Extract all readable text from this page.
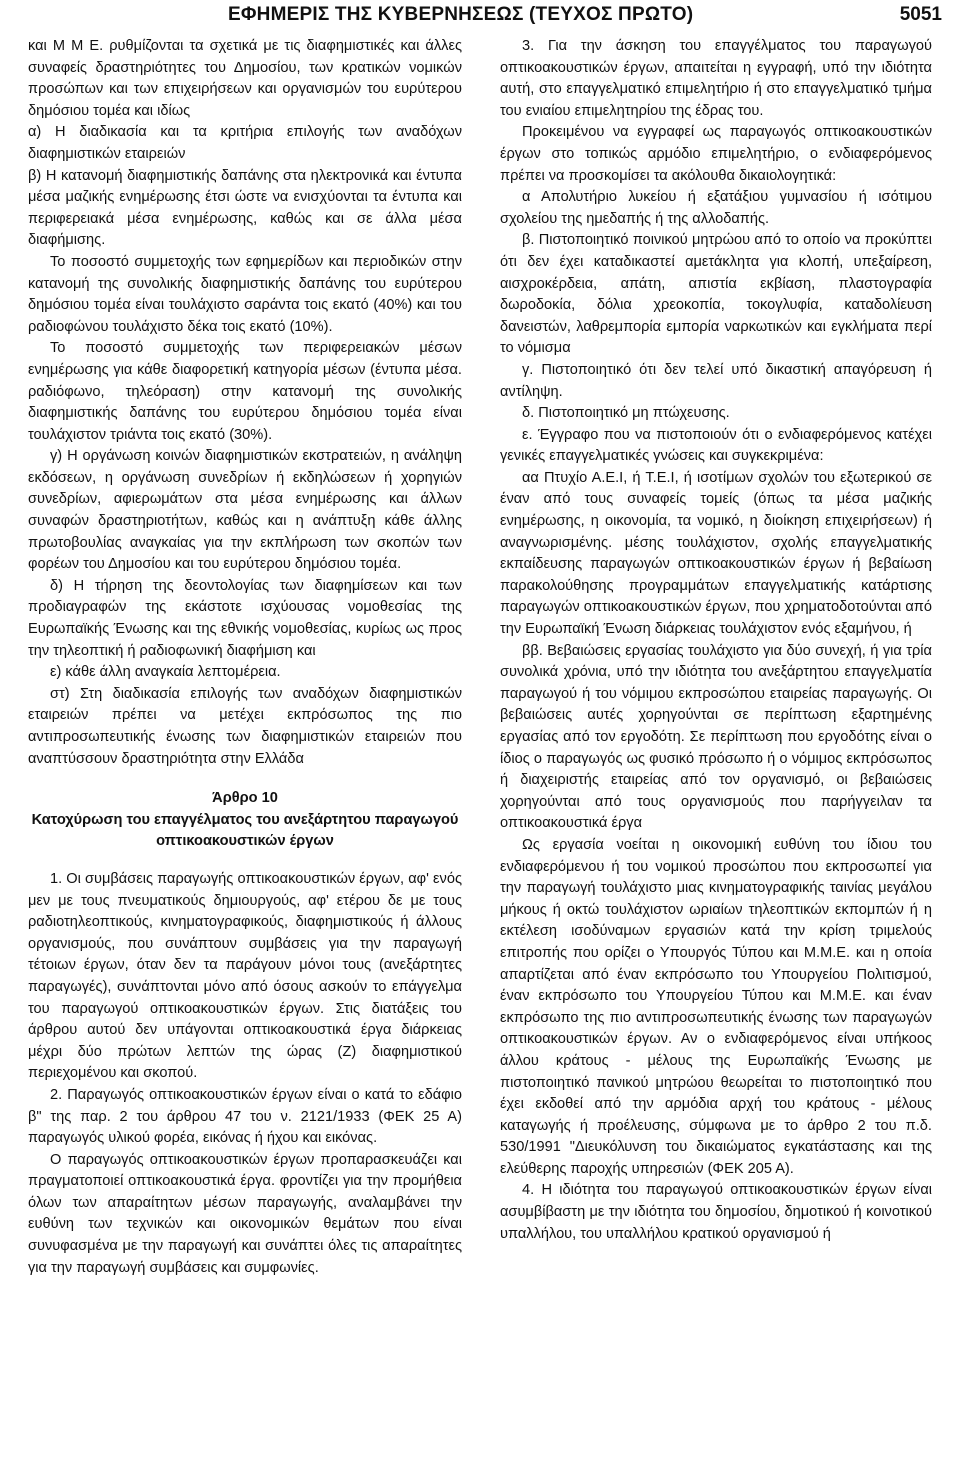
ΕΦΗΜΕΡΙΣ ΤΗΣ ΚΥΒΕΡΝΗΣΕΩΣ (ΤΕΥΧΟΣ ΠΡΩΤΟ)	5051

και Μ Μ Ε. ρυθμίζονται τα σχετικά με τις διαφημιστικές και άλλες συναφείς δραστηριότητες του Δημοσίου, των κρατικών νομικών προσώπων και των επιχειρήσεων και οργανισμών του ευρύτερου δημόσιου τομέα και ιδίως

α) Η διαδικασία και τα κριτήρια επιλογής των αναδόχων διαφημιστικών εταιρειών

β) Η κατανομή διαφημιστικής δαπάνης στα ηλεκτρονικά και έντυπα μέσα μαζικής ενημέρωσης έτσι ώστε να ενισχύονται τα έντυπα και περιφερειακά μέσα ενημέρωσης, καθώς και σε άλλα μέσα διαφήμισης.

Το ποσοστό συμμετοχής των εφημερίδων και περιοδικών στην κατανομή της συνολικής διαφημιστικής δαπάνης του ευρύτερου δημόσιου τομέα είναι τουλάχιστο σαράντα τοις εκατό (40%) και του ραδιοφώνου τουλάχιστο δέκα τοις εκατό (10%).

Το ποσοστό συμμετοχής των περιφερειακών μέσων ενημέρωσης για κάθε διαφορετική κατηγορία μέσων (έντυπα μέσα. ραδιόφωνο, τηλεόραση) στην κατανομή της συνολικής διαφημιστικής δαπάνης του ευρύτερου δημόσιου τομέα είναι τουλάχιστον τριάντα τοις εκατό (30%).

γ) Η οργάνωση κοινών διαφημιστικών εκστρατειών, η ανάληψη εκδόσεων, η οργάνωση συνεδρίων ή εκδηλώσεων ή χορηγιών συνεδρίων, αφιερωμάτων στα μέσα ενημέρωσης και άλλων συναφών δραστηριοτήτων, καθώς και η ανάπτυξη κάθε άλλης πρωτοβουλίας αναγκαίας για την εκπλήρωση των σκοπών των φορέων του Δημοσίου και του ευρύτερου δημόσιου τομέα.

δ) Η τήρηση της δεοντολογίας των διαφημίσεων και των προδιαγραφών της εκάστοτε ισχύουσας νομοθεσίας της Ευρωπαϊκής Ένωσης και της εθνικής νομοθεσίας, κυρίως ως προς την τηλεοπτική ή ραδιοφωνική διαφήμιση και

ε) κάθε άλλη αναγκαία λεπτομέρεια.

στ) Στη διαδικασία επιλογής των αναδόχων διαφημιστικών εταιρειών πρέπει να μετέχει εκπρόσωπος της πιο αντιπροσωπευτικής ένωσης των διαφημιστικών εταιρειών που αναπτύσσουν δραστηριότητα στην Ελλάδα

Άρθρο 10

Κατοχύρωση του επαγγέλματος του ανεξάρτητου παραγωγού οπτικοακουστικών έργων

1. Οι συμβάσεις παραγωγής οπτικοακουστικών έργων, αφ' ενός μεν με τους πνευματικούς δημιουργούς, αφ' ετέρου δε με τους ραδιοτηλεοπτικούς, κινηματογραφικούς, διαφημιστικούς ή άλλους οργανισμούς, που συνάπτουν συμβάσεις για την παραγωγή τέτοιων έργων, όταν δεν τα παράγουν μόνοι τους (ανεξάρτητες παραγωγές), συνάπτονται μόνο από όσους ασκούν το επάγγελμα του παραγωγού οπτικοακουστικών έργων. Στις διατάξεις του άρθρου αυτού δεν υπάγονται οπτικοακουστικά έργα διάρκειας μέχρι δύο πρώτων λεπτών της ώρας (Ζ) διαφημιστικού περιεχομένου και σκοπού.

2. Παραγωγός οπτικοακουστικών έργων είναι ο κατά το εδάφιο β" της παρ. 2 του άρθρου 47 του ν. 2121/1933 (ΦΕΚ 25 Α) παραγωγός υλικού φορέα, εικόνας ή ήχου και εικόνας.

Ο παραγωγός οπτικοακουστικών έργων προπαρασκευάζει και πραγματοποιεί οπτικοακουστικά έργα. φροντίζει για την προμήθεια όλων των απαραίτητων μέσων παραγωγής, αναλαμβάνει την ευθύνη των τεχνικών και οικονομικών θεμάτων που είναι συνυφασμένα με την παραγωγή και συνάπτει όλες τις απαραίτητες για την παραγωγή συμβάσεις και συμφωνίες.

3. Για την άσκηση του επαγγέλματος του παραγωγού οπτικοακουστικών έργων, απαιτείται η εγγραφή, υπό την ιδιότητα αυτή, στο επαγγελματικό επιμελητήριο ή στο επαγγελματικό τμήμα του ενιαίου επιμελητηρίου της έδρας του.

Προκειμένου να εγγραφεί ως παραγωγός οπτικοακουστικών έργων στο τοπικώς αρμόδιο επιμελητήριο, ο ενδιαφερόμενος πρέπει να προσκομίσει τα ακόλουθα δικαιολογητικά:

α Απολυτήριο λυκείου ή εξατάξιου γυμνασίου ή ισότιμου σχολείου της ημεδαπής ή της αλλοδαπής.

β. Πιστοποιητικό ποινικού μητρώου από το οποίο να προκύπτει ότι δεν έχει καταδικαστεί αμετάκλητα για κλοπή, υπεξαίρεση, αισχροκέρδεια, απάτη, απιστία εκβίαση, πλαστογραφία δωροδοκία, δόλια χρεοκοπία, τοκογλυφία, καταδολίευση δανειστών, λαθρεμπορία εμπορία ναρκωτικών και εγκλήματα περί το νόμισμα

γ. Πιστοποιητικό ότι δεν τελεί υπό δικαστική απαγόρευση ή αντίληψη.

δ. Πιστοποιητικό μη πτώχευσης.

ε. Έγγραφο που να πιστοποιούν ότι ο ενδιαφερόμενος κατέχει γενικές επαγγελματικές γνώσεις και συγκεκριμένα:

αα Πτυχίο Α.Ε.Ι, ή Τ.Ε.Ι, ή ισοτίμων σχολών του εξωτερικού σε έναν από τους συναφείς τομείς (όπως τα μέσα μαζικής ενημέρωσης, η οικονομία, τα νομικό, η διοίκηση επιχειρήσεων) ή αναγνωρισμένης. μέσης τουλάχιστον, σχολής επαγγελματικής εκπαίδευσης παραγωγών οπτικοακουστικών έργων ή βεβαίωση παρακολούθησης προγραμμάτων επαγγελματικής κατάρτισης παραγωγών οπτικοακουστικών έργων, που χρηματοδοτούνται από την Ευρωπαϊκή Ένωση διάρκειας τουλάχιστον ενός εξαμήνου, ή

ββ. Βεβαιώσεις εργασίας τουλάχιστο για δύο συνεχή, ή για τρία συνολικά χρόνια, υπό την ιδιότητα του ανεξάρτητου επαγγελματία παραγωγού ή του νόμιμου εκπροσώπου εταιρείας παραγωγής. Οι βεβαιώσεις αυτές χορηγούνται σε περίπτωση εξαρτημένης εργασίας από τον εργοδότη. Σε περίπτωση που εργοδότης είναι ο ίδιος ο παραγωγός ως φυσικό πρόσωπο ή ο νόμιμος εκπρόσωπος ή διαχειριστής εταιρείας από τον οργανισμό, οι βεβαιώσεις χορηγούνται από τους οργανισμούς που παρήγγειλαν τα οπτικοακουστικά έργα

Ως εργασία νοείται η οικονομική ευθύνη του ίδιου του ενδιαφερόμενου ή του νομικού προσώπου που εκπροσωπεί για την παραγωγή τουλάχιστο μιας κινηματογραφικής ταινίας μεγάλου μήκους ή οκτώ τουλάχιστον ωριαίων τηλεοπτικών εκπομπών ή η εκτέλεση ισοδύναμων εργασιών κατά την κρίση τριμελούς επιτροπής που ορίζει ο Υπουργός Τύπου και Μ.Μ.Ε. και η οποία απαρτίζεται από έναν εκπρόσωπο του Υπουργείου Πολιτισμού, έναν εκπρόσωπο του Υπουργείου Τύπου και Μ.Μ.Ε. και έναν εκπρόσωπο της πιο αντιπροσωπευτικής ένωσης των παραγωγών οπτικοακουστικών έργων. Αν ο ενδιαφερόμενος είναι υπήκοος άλλου κράτους - μέλους της Ευρωπαϊκής Ένωσης με πιστοποιητικό πανικού μητρώου θεωρείται το πιστοποιητικό που έχει εκδοθεί από την αρμόδια αρχή του κράτους - μέλους καταγωγής ή προέλευσης, σύμφωνα με το άρθρο 2 του π.δ. 530/1991 "Διευκόλυνση του δικαιώματος εγκατάστασης και της ελεύθερης παροχής υπηρεσιών (ΦΕΚ 205 Α).

4. Η ιδιότητα του παραγωγού οπτικοακουστικών έργων είναι ασυμβίβαστη με την ιδιότητα του δημοσίου, δημοτικού ή κοινοτικού υπαλλήλου, του υπαλλήλου κρατικού οργανισμού ή
